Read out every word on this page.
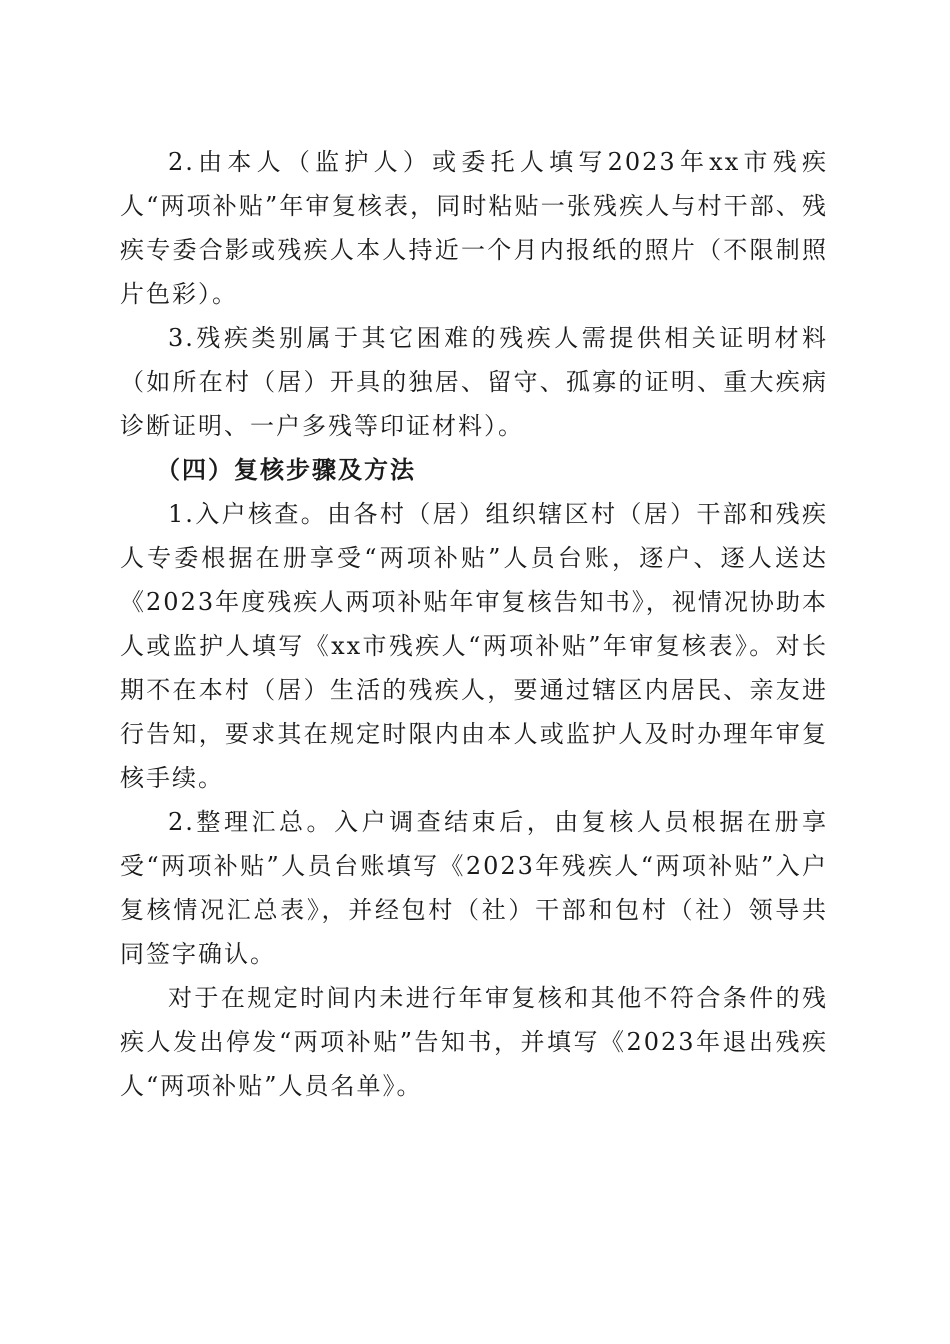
2.由本人（监护人）或委托人填写2023年xx市残疾人“两项补贴”年审复核表，同时粘贴一张残疾人与村干部、残疾专委合影或残疾人本人持近一个月内报纸的照片（不限制照片色彩）。

3.残疾类别属于其它困难的残疾人需提供相关证明材料（如所在村（居）开具的独居、留守、孤寡的证明、重大疾病诊断证明、一户多残等印证材料）。

（四）复核步骤及方法

1.入户核查。由各村（居）组织辖区村（居）干部和残疾人专委根据在册享受“两项补贴”人员台账，逐户、逐人送达《2023年度残疾人两项补贴年审复核告知书》，视情况协助本人或监护人填写《xx市残疾人“两项补贴”年审复核表》。对长期不在本村（居）生活的残疾人，要通过辖区内居民、亲友进行告知，要求其在规定时限内由本人或监护人及时办理年审复核手续。

2.整理汇总。入户调查结束后，由复核人员根据在册享受“两项补贴”人员台账填写《2023年残疾人“两项补贴”入户复核情况汇总表》，并经包村（社）干部和包村（社）领导共同签字确认。

对于在规定时间内未进行年审复核和其他不符合条件的残疾人发出停发“两项补贴”告知书，并填写《2023年退出残疾人“两项补贴”人员名单》。
